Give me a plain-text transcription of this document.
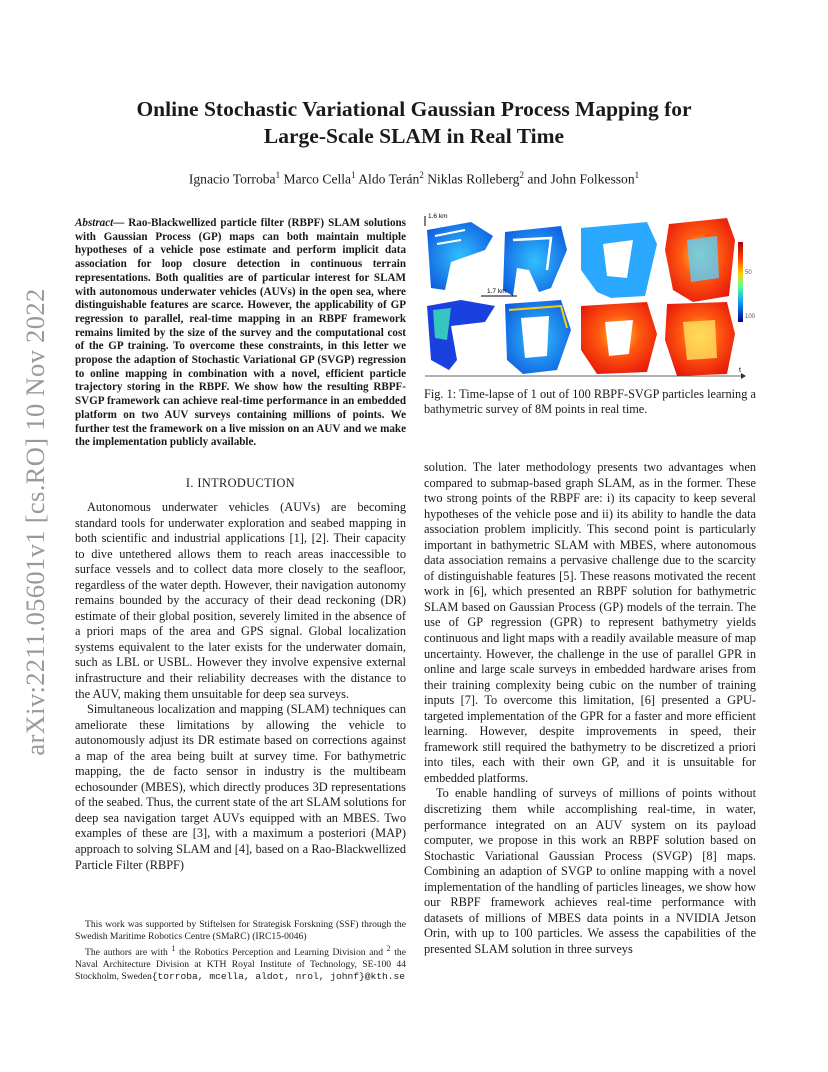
arXiv:2211.05601v1 [cs.RO] 10 Nov 2022
Online Stochastic Variational Gaussian Process Mapping for
Large-Scale SLAM in Real Time
Ignacio Torroba$^1$ Marco Cella$^1$ Aldo Terán$^2$ Niklas Rolleberg$^2$ and John Folkesson$^1$
Abstract— Rao-Blackwellized particle filter (RBPF) SLAM solutions with Gaussian Process (GP) maps can both maintain multiple hypotheses of a vehicle pose estimate and perform implicit data association for loop closure detection in continuous terrain representations. Both qualities are of particular interest for SLAM with autonomous underwater vehicles (AUVs) in the open sea, where distinguishable features are scarce. However, the applicability of GP regression to parallel, real-time mapping in an RBPF framework remains limited by the size of the survey and the computational cost of the GP training. To overcome these constraints, in this letter we propose the adaption of Stochastic Variational GP (SVGP) regression to online mapping in combination with a novel, efficient particle trajectory storing in the RBPF. We show how the resulting RBPF-SVGP framework can achieve real-time performance in an embedded platform on two AUV surveys containing millions of points. We further test the framework on a live mission on an AUV and we make the implementation publicly available.
I. INTRODUCTION

Autonomous underwater vehicles (AUVs) are becoming standard tools for underwater exploration and seabed mapping in both scientific and industrial applications [1], [2]. Their capacity to dive untethered allows them to reach areas inaccessible to surface vessels and to collect data more closely to the seafloor, regardless of the water depth. However, their navigation autonomy remains bounded by the accuracy of their dead reckoning (DR) estimate of their global position, severely limited in the absence of a priori maps of the area and GPS signal. Global localization systems equivalent to the later exists for the underwater domain, such as LBL or USBL. However they involve expensive external infrastructure and their reliability decreases with the distance to the AUV, making them unsuitable for deep sea surveys.

Simultaneous localization and mapping (SLAM) techniques can ameliorate these limitations by allowing the vehicle to autonomously adjust its DR estimate based on corrections against a map of the area being built at survey time. For bathymetric mapping, the de facto sensor in industry is the multibeam echosounder (MBES), which directly produces 3D representations of the seabed. Thus, the current state of the art SLAM solutions for deep sea navigation target AUVs equipped with an MBES. Two examples of these are [3], with a maximum a posteriori (MAP) approach to solving SLAM and [4], based on a Rao-Blackwellized Particle Filter (RBPF)

This work was supported by Stiftelsen for Strategisk Forskning (SSF) through the Swedish Maritime Robotics Centre (SMaRC) (IRC15-0046)

The authors are with $^1$ the Robotics Perception and Learning Division and $^2$ the Naval Architecture Division at KTH Royal Institute of Technology, SE-100 44 Stockholm, Sweden{torroba, mcella, aldot, nrol, johnf}@kth.se

1.6 km
1.7 km
50
100
t
Fig. 1: Time-lapse of 1 out of 100 RBPF-SVGP particles learning a bathymetric survey of 8M points in real time.

solution. The later methodology presents two advantages when compared to submap-based graph SLAM, as in the former. These two strong points of the RBPF are: i) its capacity to keep several hypotheses of the vehicle pose and ii) its ability to handle the data association problem implicitly. This second point is particularly important in bathymetric SLAM with MBES, where autonomous data association remains a pervasive challenge due to the scarcity of distinguishable features [5]. These reasons motivated the recent work in [6], which presented an RBPF solution for bathymetric SLAM based on Gaussian Process (GP) models of the terrain. The use of GP regression (GPR) to represent bathymetry yields continuous and light maps with a readily available measure of map uncertainty. However, the challenge in the use of parallel GPR in online and large scale surveys in embedded hardware arises from their training complexity being cubic on the number of training inputs [7]. To overcome this limitation, [6] presented a GPU-targeted implementation of the GPR for a faster and more efficient learning. However, despite improvements in speed, their framework still required the bathymetry to be discretized a priori into tiles, each with their own GP, and it is unsuitable for embedded platforms.

To enable handling of surveys of millions of points without discretizing them while accomplishing real-time, in water, performance integrated on an AUV system on its payload computer, we propose in this work an RBPF solution based on Stochastic Variational Gaussian Process (SVGP) [8] maps. Combining an adaption of SVGP to online mapping with a novel implementation of the handling of particles lineages, we show how our RBPF framework achieves real-time performance with datasets of millions of MBES data points in a NVIDIA Jetson Orin, with up to 100 particles. We assess the capabilities of the presented SLAM solution in three surveys
